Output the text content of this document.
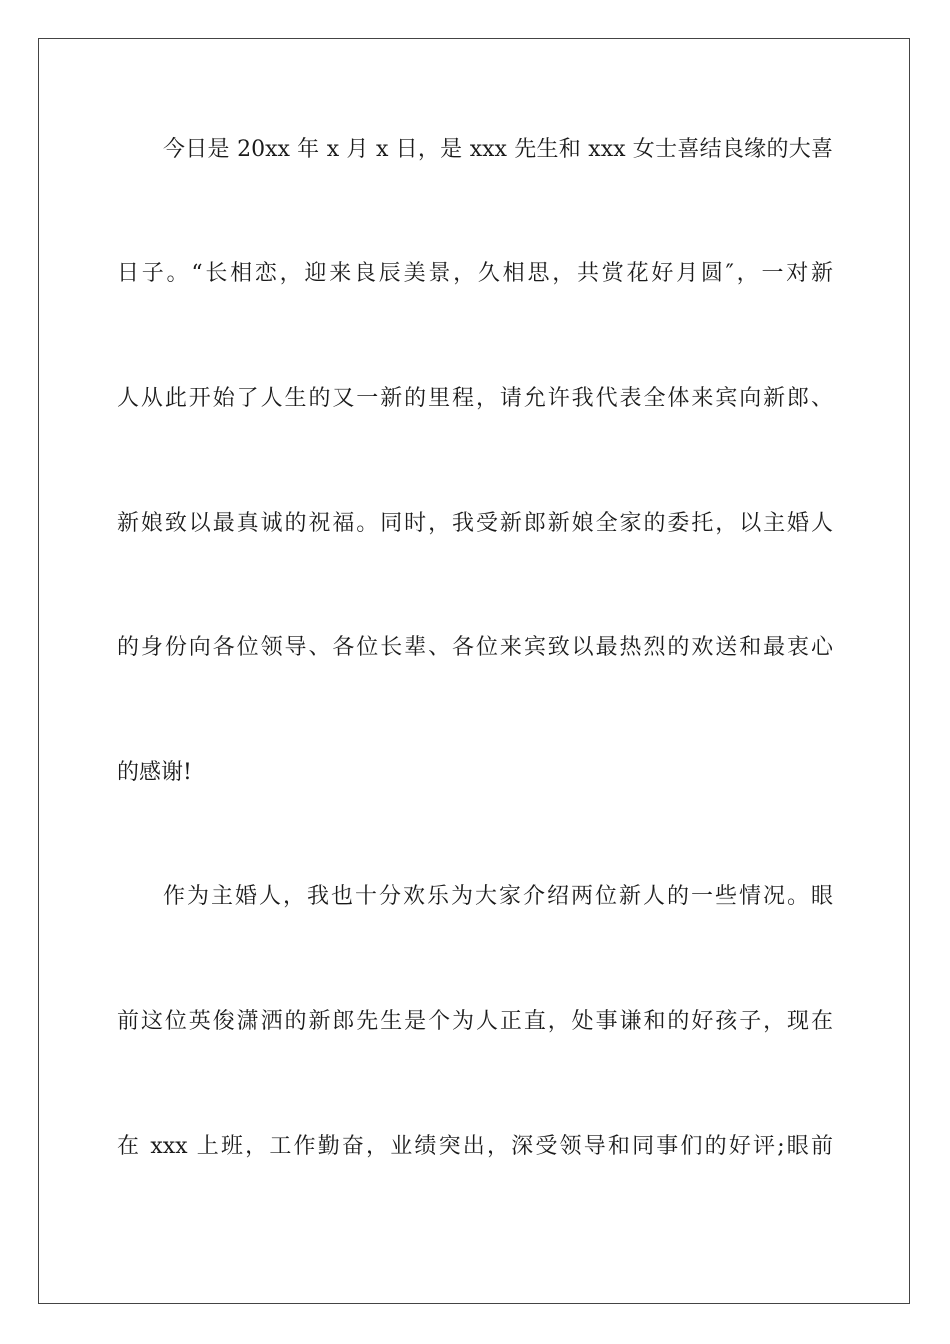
今日是 20xx 年 x 月 x 日，是 xxx 先生和 xxx 女士喜结良缘的大喜
日子。“长相恋，迎来良辰美景，久相思，共赏花好月圆″，一对新
人从此开始了人生的又一新的里程，请允许我代表全体来宾向新郎、
新娘致以最真诚的祝福。同时，我受新郎新娘全家的委托，以主婚人
的身份向各位领导、各位长辈、各位来宾致以最热烈的欢送和最衷心
的感谢!
作为主婚人，我也十分欢乐为大家介绍两位新人的一些情况。眼
前这位英俊潇洒的新郎先生是个为人正直，处事谦和的好孩子，现在
在 xxx 上班，工作勤奋，业绩突出，深受领导和同事们的好评;眼前
